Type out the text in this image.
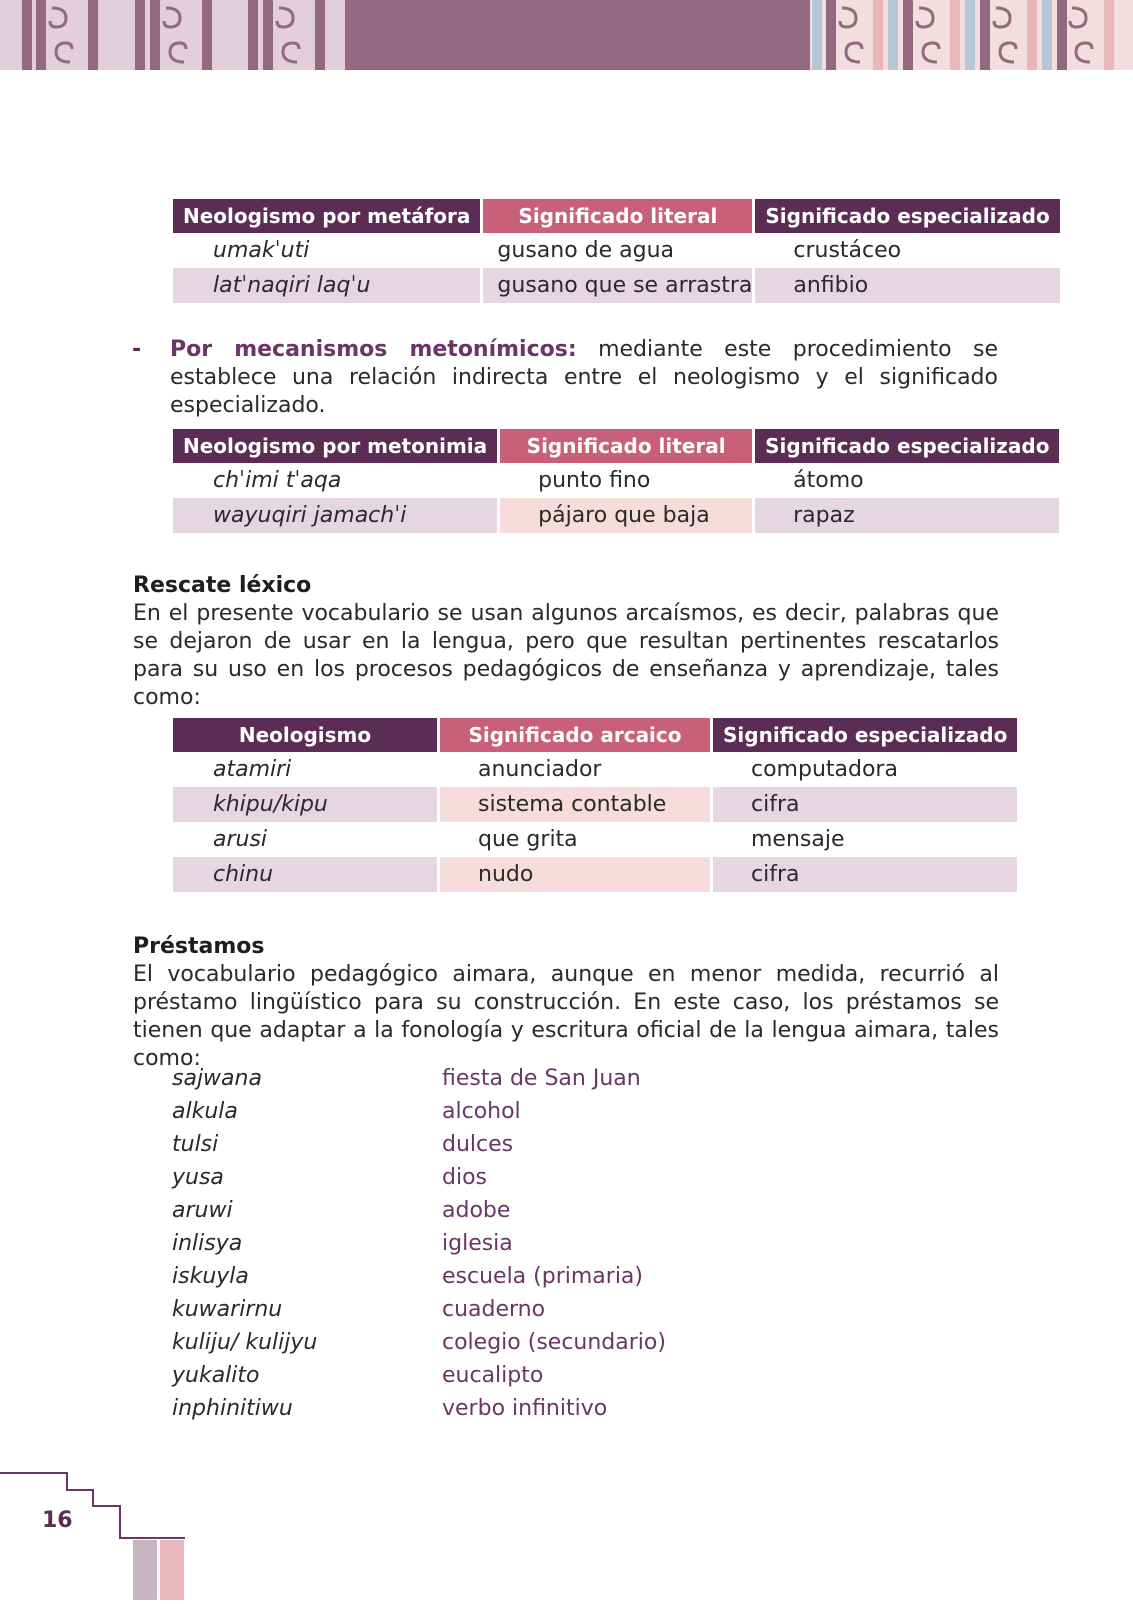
Neologismo por metáfora	Significado literal	Significado especializado
umakˈuti	gusano de agua	crustáceo
latˈnaqiri laqˈu	gusano que se arrastra	anfibio
- Por mecanismos metonímicos: mediante este procedimiento se establece una relación indirecta entre el neologismo y el significado especializado.
Neologismo por metonimia	Significado literal	Significado especializado
chˈimi tˈaqa	punto fino	átomo
wayuqiri jamachˈi	pájaro que baja	rapaz
Rescate léxico

En el presente vocabulario se usan algunos arcaísmos, es decir, palabras que se dejaron de usar en la lengua, pero que resultan pertinentes rescatarlos para su uso en los procesos pedagógicos de enseñanza y aprendizaje, tales como:

Neologismo	Significado arcaico	Significado especializado
atamiri	anunciador	computadora
khipu/kipu	sistema contable	cifra
arusi	que grita	mensaje
chinu	nudo	cifra
Préstamos

El vocabulario pedagógico aimara, aunque en menor medida, recurrió al préstamo lingüístico para su construcción. En este caso, los préstamos se tienen que adaptar a la fonología y escritura oficial de la lengua aimara, tales como:

sajwana	fiesta de San Juan
alkula	alcohol
tulsi	dulces
yusa	dios
aruwi	adobe
inlisya	iglesia
iskuyla	escuela (primaria)
kuwarirnu	cuaderno
kuliju/ kulijyu	colegio (secundario)
yukalito	eucalipto
inphinitiwu	verbo infinitivo
16
